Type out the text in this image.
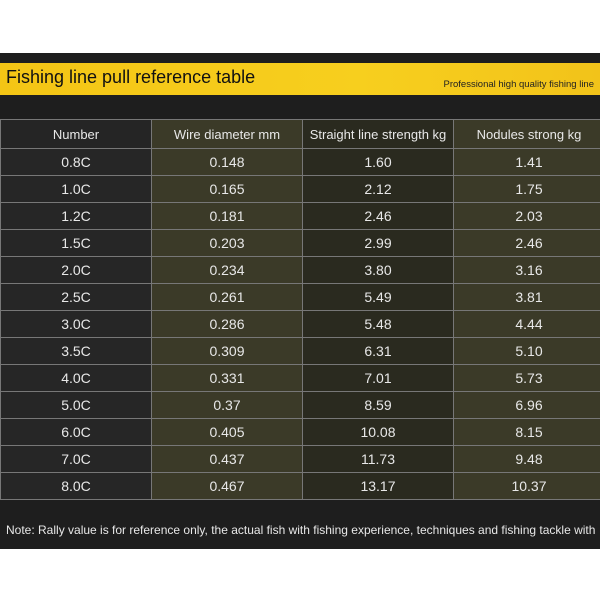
Fishing line pull reference table	Professional high quality fishing line
Number	Wire diameter mm	Straight line strength kg	Nodules strong kg
0.8C	0.148	1.60	1.41
1.0C	0.165	2.12	1.75
1.2C	0.181	2.46	2.03
1.5C	0.203	2.99	2.46
2.0C	0.234	3.80	3.16
2.5C	0.261	5.49	3.81
3.0C	0.286	5.48	4.44
3.5C	0.309	6.31	5.10
4.0C	0.331	7.01	5.73
5.0C	0.37	8.59	6.96
6.0C	0.405	10.08	8.15
7.0C	0.437	11.73	9.48
8.0C	0.467	13.17	10.37
Note: Rally value is for reference only, the actual fish with fishing experience, techniques and fishing tackle with
